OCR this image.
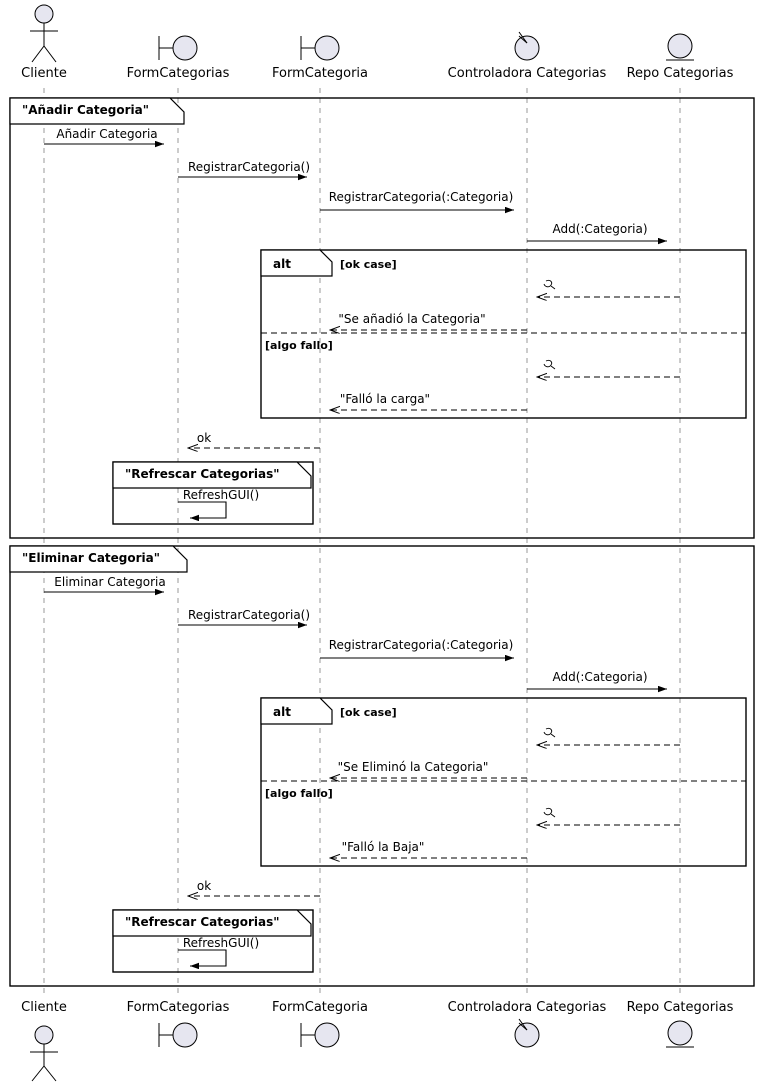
Cliente	FormCategorias	FormCategoria	Controladora Categorias Repo Categorias
"Añadir Categoria"
alt
"Refrescar Categorias"
"Eliminar Categoria"
alt
"Refrescar Categorias"
[ok case]
[algo fallo]
[ok case]
[algo fallo]
Añadir Categoria
RegistrarCategoria()
RegistrarCategoria(:Categoria)
Add(:Categoria)
"Se añadió la Categoria"
"Falló la carga"
ok
RefreshGUI()
Eliminar Categoria
RegistrarCategoria()
RegistrarCategoria(:Categoria)
Add(:Categoria)
"Se Eliminó la Categoria"
"Falló la Baja"
ok
RefreshGUI()
Cliente	FormCategorias	FormCategoria	Controladora Categorias Repo Categorias
